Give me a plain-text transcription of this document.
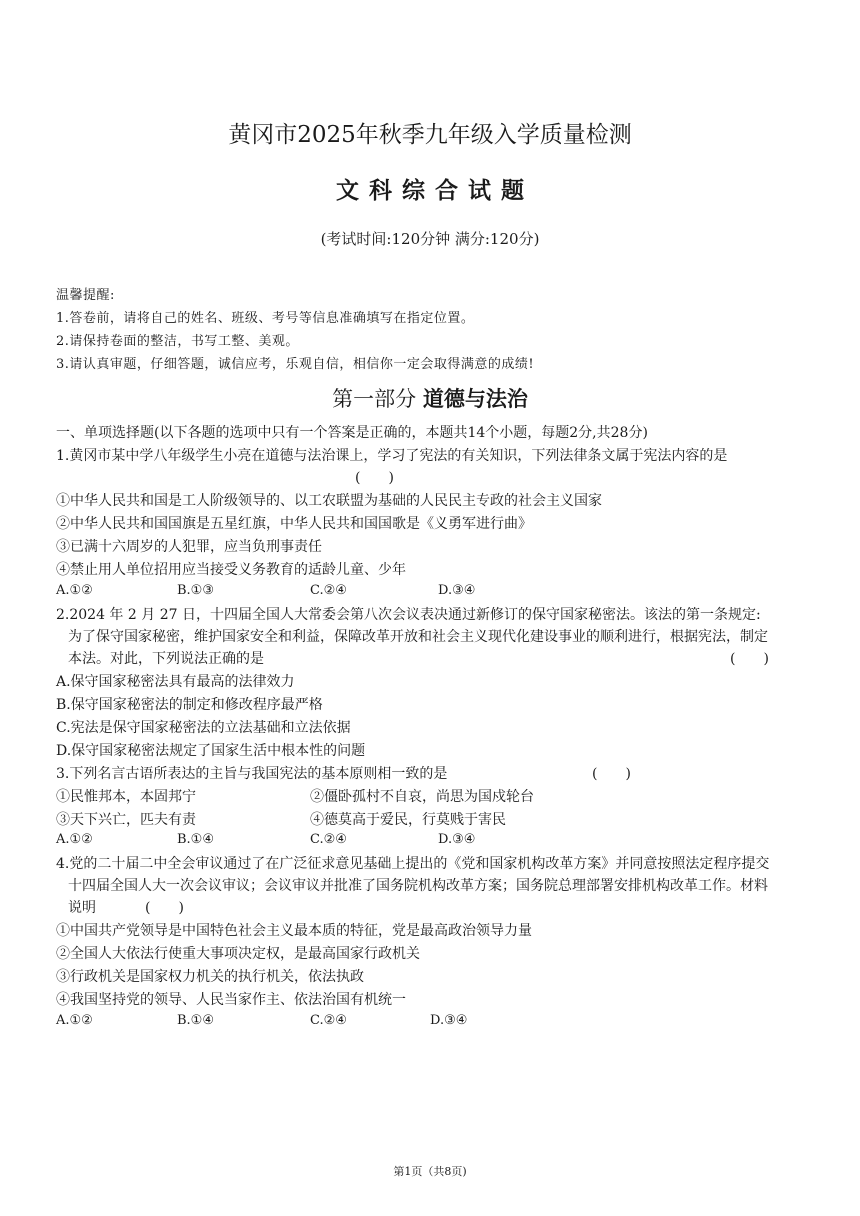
黄冈市2025年秋季九年级入学质量检测
文科综合试题
(考试时间:120分钟 满分:120分)
温馨提醒:
1.答卷前，请将自己的姓名、班级、考号等信息准确填写在指定位置。
2.请保持卷面的整洁，书写工整、美观。
3.请认真审题，仔细答题，诚信应考，乐观自信，相信你一定会取得满意的成绩!
第一部分 道德与法治
一、单项选择题(以下各题的选项中只有一个答案是正确的，本题共14个小题，每题2分,共28分)
1.黄冈市某中学八年级学生小亮在道德与法治课上，学习了宪法的有关知识，下列法律条文属于宪法内容的是
(　　)
①中华人民共和国是工人阶级领导的、以工农联盟为基础的人民民主专政的社会主义国家
②中华人民共和国国旗是五星红旗，中华人民共和国国歌是《义勇军进行曲》
③已满十六周岁的人犯罪，应当负刑事责任
④禁止用人单位招用应当接受义务教育的适龄儿童、少年
A.①②	B.①③	C.②④	D.③④
2.2024 年 2 月 27 日，十四届全国人大常委会第八次会议表决通过新修订的保守国家秘密法。该法的第一条规定:
为了保守国家秘密，维护国家安全和利益，保障改革开放和社会主义现代化建设事业的顺利进行，根据宪法，制定
本法。对此，下列说法正确的是	(　　)
A.保守国家秘密法具有最高的法律效力
B.保守国家秘密法的制定和修改程序最严格
C.宪法是保守国家秘密法的立法基础和立法依据
D.保守国家秘密法规定了国家生活中根本性的问题
3.下列名言古语所表达的主旨与我国宪法的基本原则相一致的是	(　　)
①民惟邦本，本固邦宁	②僵卧孤村不自哀，尚思为国戍轮台
③天下兴亡，匹夫有责	④德莫高于爱民，行莫贱于害民
A.①②	B.①④	C.②④	D.③④
4.党的二十届二中全会审议通过了在广泛征求意见基础上提出的《党和国家机构改革方案》并同意按照法定程序提交
十四届全国人大一次会议审议；会议审议并批准了国务院机构改革方案；国务院总理部署安排机构改革工作。材料
说明	(　　)
①中国共产党领导是中国特色社会主义最本质的特征，党是最高政治领导力量
②全国人大依法行使重大事项决定权，是最高国家行政机关
③行政机关是国家权力机关的执行机关，依法执政
④我国坚持党的领导、人民当家作主、依法治国有机统一
A.①②	B.①④	C.②④	D.③④
第1页（共8页)
